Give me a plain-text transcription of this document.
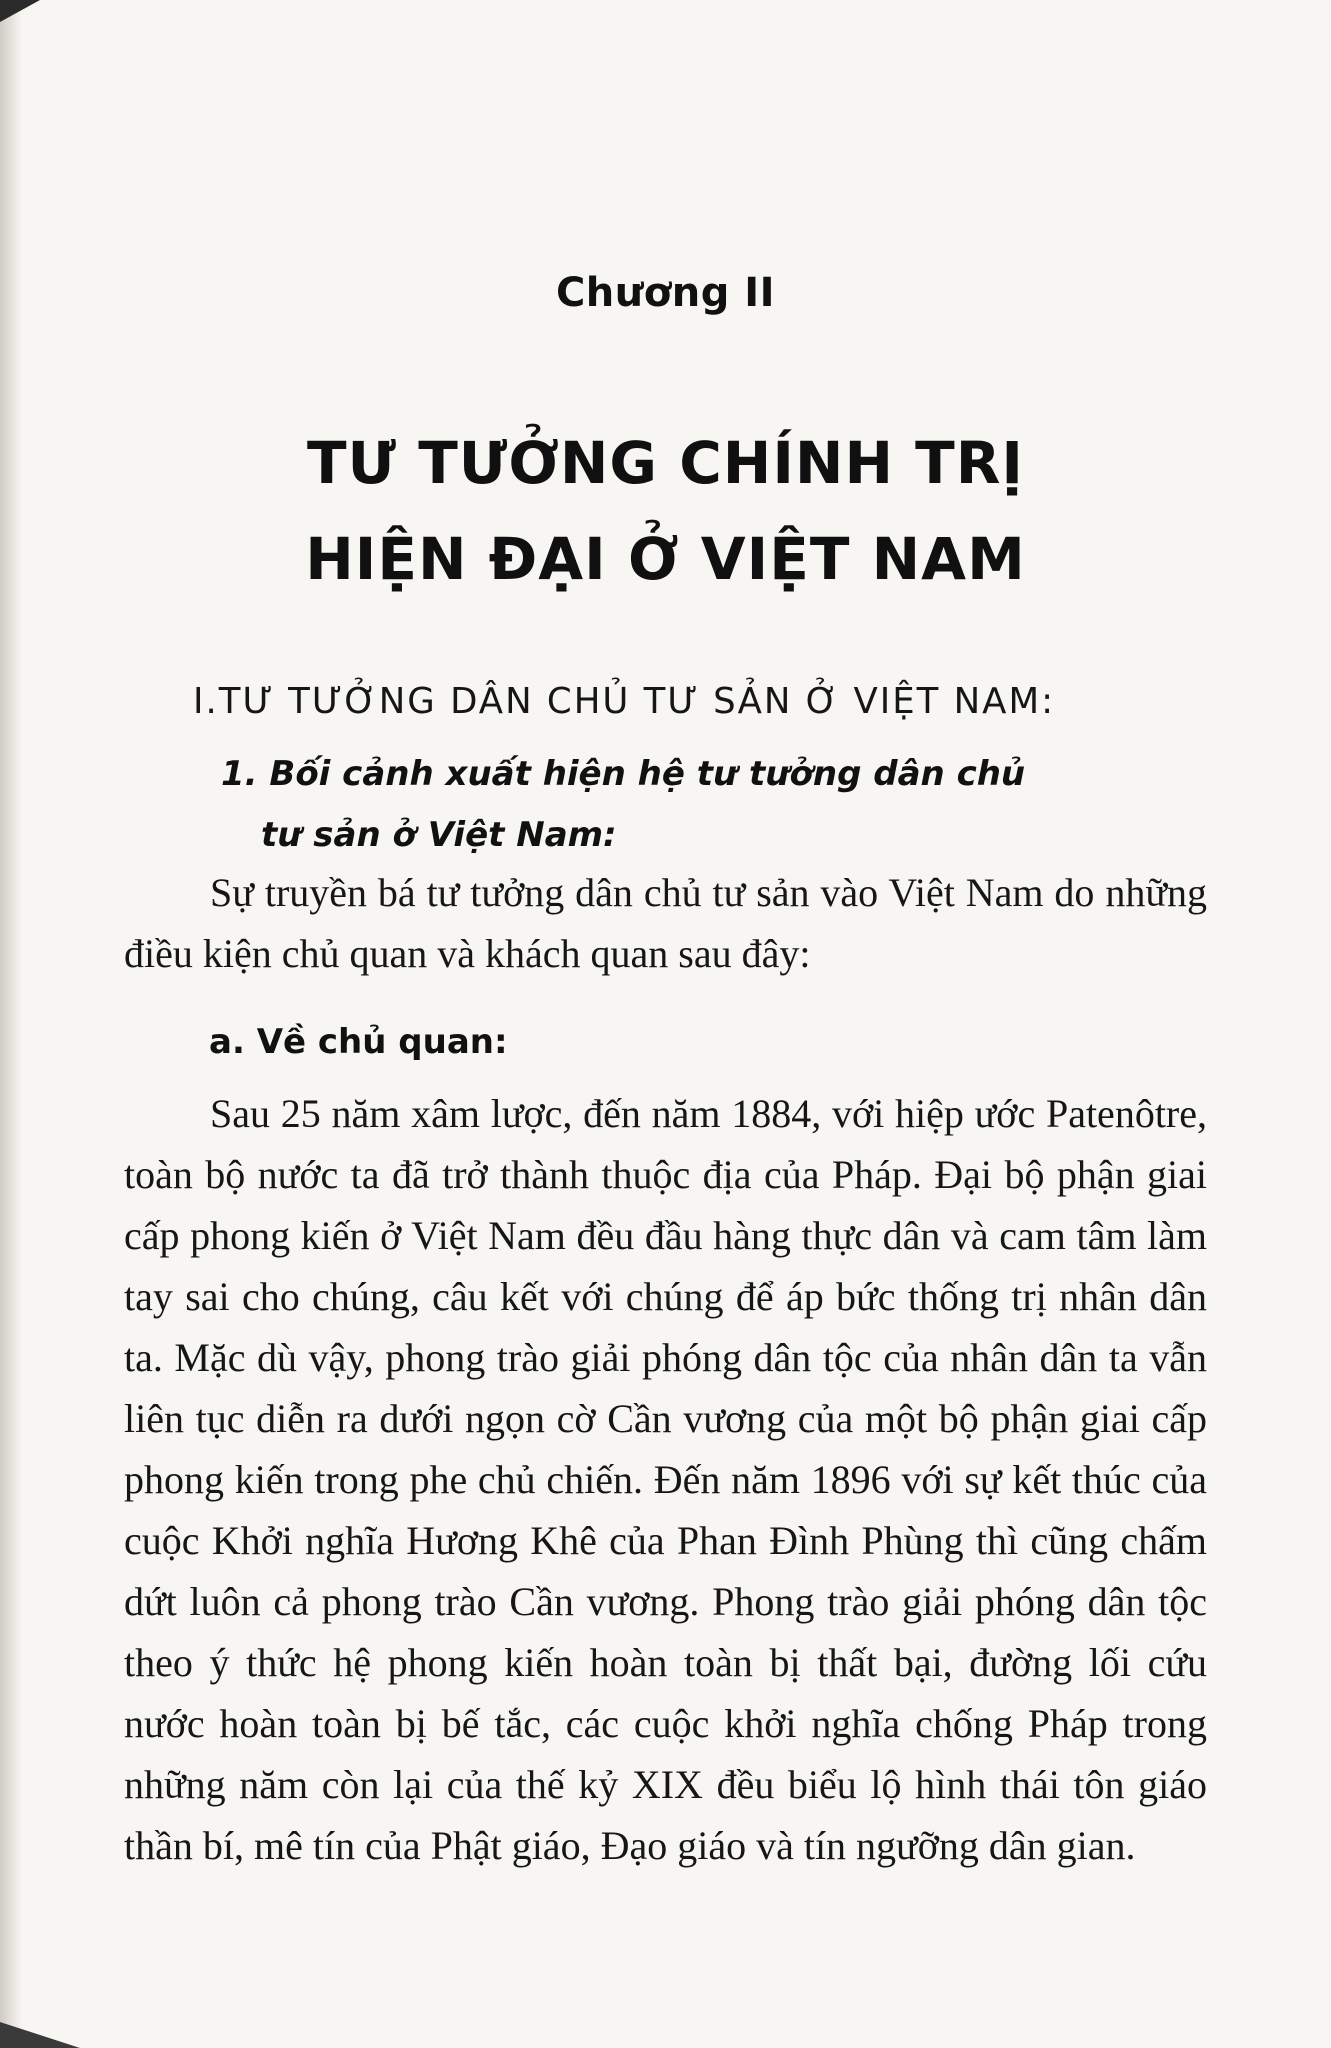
Chương II
TƯ TƯỞNG CHÍNH TRỊ
HIỆN ĐẠI Ở VIỆT NAM
I.TƯ TƯỞNG DÂN CHỦ TƯ SẢN Ở VIỆT NAM:
1. Bối cảnh xuất hiện hệ tư tưởng dân chủ
tư sản ở Việt Nam:

Sự truyền bá tư tưởng dân chủ tư sản vào Việt Nam do những điều kiện chủ quan và khách quan sau đây:

a. Về chủ quan:

Sau 25 năm xâm lược, đến năm 1884, với hiệp ước Patenôtre, toàn bộ nước ta đã trở thành thuộc địa của Pháp. Đại bộ phận giai cấp phong kiến ở Việt Nam đều đầu hàng thực dân và cam tâm làm tay sai cho chúng, câu kết với chúng để áp bức thống trị nhân dân ta. Mặc dù vậy, phong trào giải phóng dân tộc của nhân dân ta vẫn liên tục diễn ra dưới ngọn cờ Cần vương của một bộ phận giai cấp phong kiến trong phe chủ chiến. Đến năm 1896 với sự kết thúc của cuộc Khởi nghĩa Hương Khê của Phan Đình Phùng thì cũng chấm dứt luôn cả phong trào Cần vương. Phong trào giải phóng dân tộc theo ý thức hệ phong kiến hoàn toàn bị thất bại, đường lối cứu nước hoàn toàn bị bế tắc, các cuộc khởi nghĩa chống Pháp trong những năm còn lại của thế kỷ XIX đều biểu lộ hình thái tôn giáo thần bí, mê tín của Phật giáo, Đạo giáo và tín ngưỡng dân gian.
